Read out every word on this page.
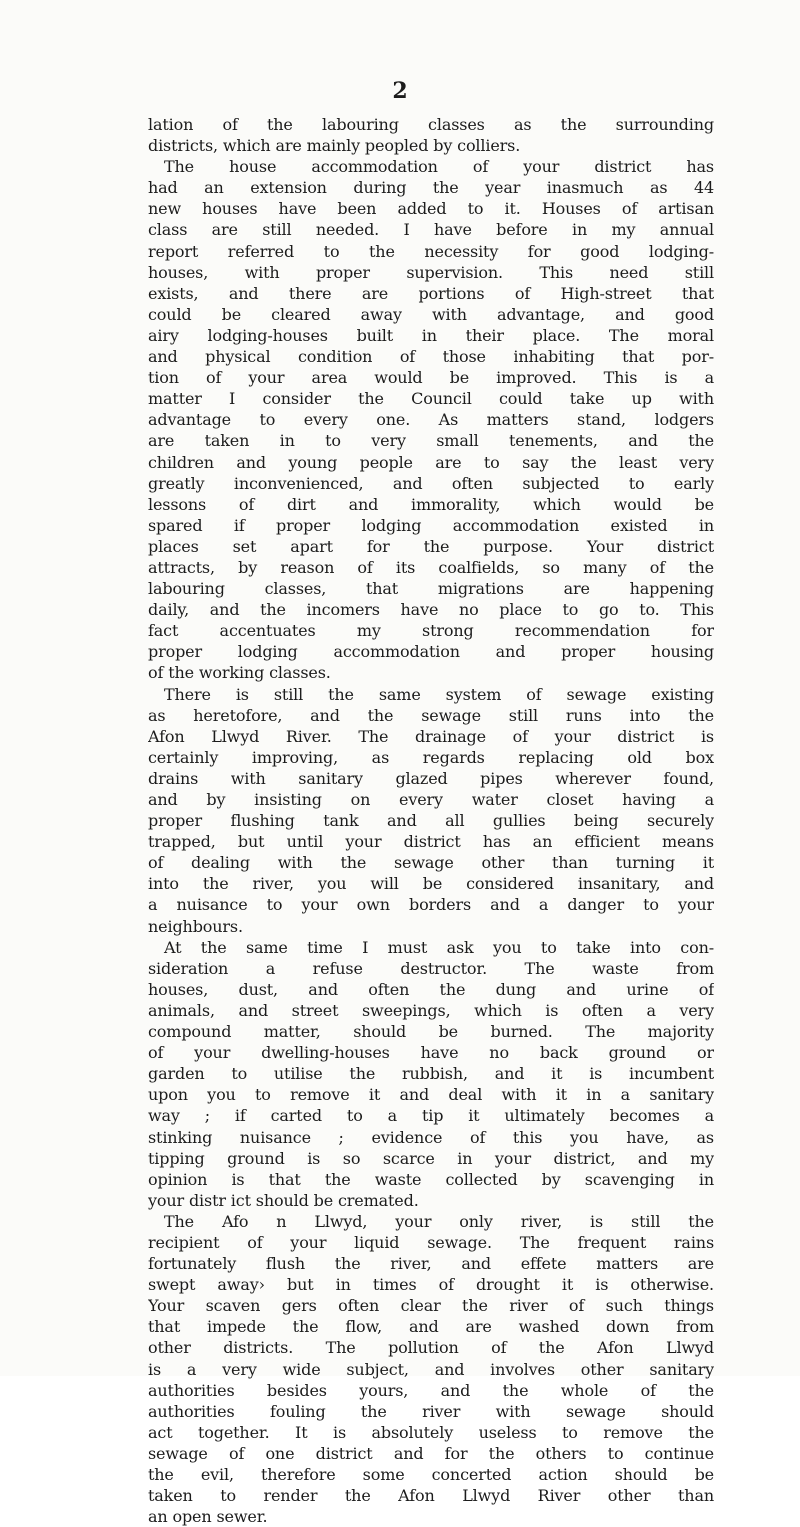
2
lation of the labouring classes as the surrounding
districts, which are mainly peopled by colliers.
The house accommodation of your district has
had an extension during the year inasmuch as 44
new houses have been added to it. Houses of artisan
class are still needed. I have before in my annual
report referred to the necessity for good lodging-
houses, with proper supervision. This need still
exists, and there are portions of High-street that
could be cleared away with advantage, and good
airy lodging-houses built in their place. The moral
and physical condition of those inhabiting that por-
tion of your area would be improved. This is a
matter I consider the Council could take up with
advantage to every one. As matters stand, lodgers
are taken in to very small tenements, and the
children and young people are to say the least very
greatly inconvenienced, and often subjected to early
lessons of dirt and immorality, which would be
spared if proper lodging accommodation existed in
places set apart for the purpose. Your district
attracts, by reason of its coalfields, so many of the
labouring classes, that migrations are happening
daily, and the incomers have no place to go to. This
fact accentuates my strong recommendation for
proper lodging accommodation and proper housing
of the working classes.
There is still the same system of sewage existing
as heretofore, and the sewage still runs into the
Afon Llwyd River. The drainage of your district is
certainly improving, as regards replacing old box
drains with sanitary glazed pipes wherever found,
and by insisting on every water closet having a
proper flushing tank and all gullies being securely
trapped, but until your district has an efficient means
of dealing with the sewage other than turning it
into the river, you will be considered insanitary, and
a nuisance to your own borders and a danger to your
neighbours.
At the same time I must ask you to take into con-
sideration a refuse destructor. The waste from
houses, dust, and often the dung and urine of
animals, and street sweepings, which is often a very
compound matter, should be burned. The majority
of your dwelling-houses have no back ground or
garden to utilise the rubbish, and it is incumbent
upon you to remove it and deal with it in a sanitary
way ; if carted to a tip it ultimately becomes a
stinking nuisance ; evidence of this you have, as
tipping ground is so scarce in your district, and my
opinion is that the waste collected by scavenging in
your distr ict should be cremated.
The Afo n Llwyd, your only river, is still the
recipient of your liquid sewage. The frequent rains
fortunately flush the river, and effete matters are
swept away› but in times of drought it is otherwise.
Your scaven gers often clear the river of such things
that impede the flow, and are washed down from
other districts. The pollution of the Afon Llwyd
is a very wide subject, and involves other sanitary
authorities besides yours, and the whole of the
authorities fouling the river with sewage should
act together. It is absolutely useless to remove the
sewage of one district and for the others to continue
the evil, therefore some concerted action should be
taken to render the Afon Llwyd River other than
an open sewer.
